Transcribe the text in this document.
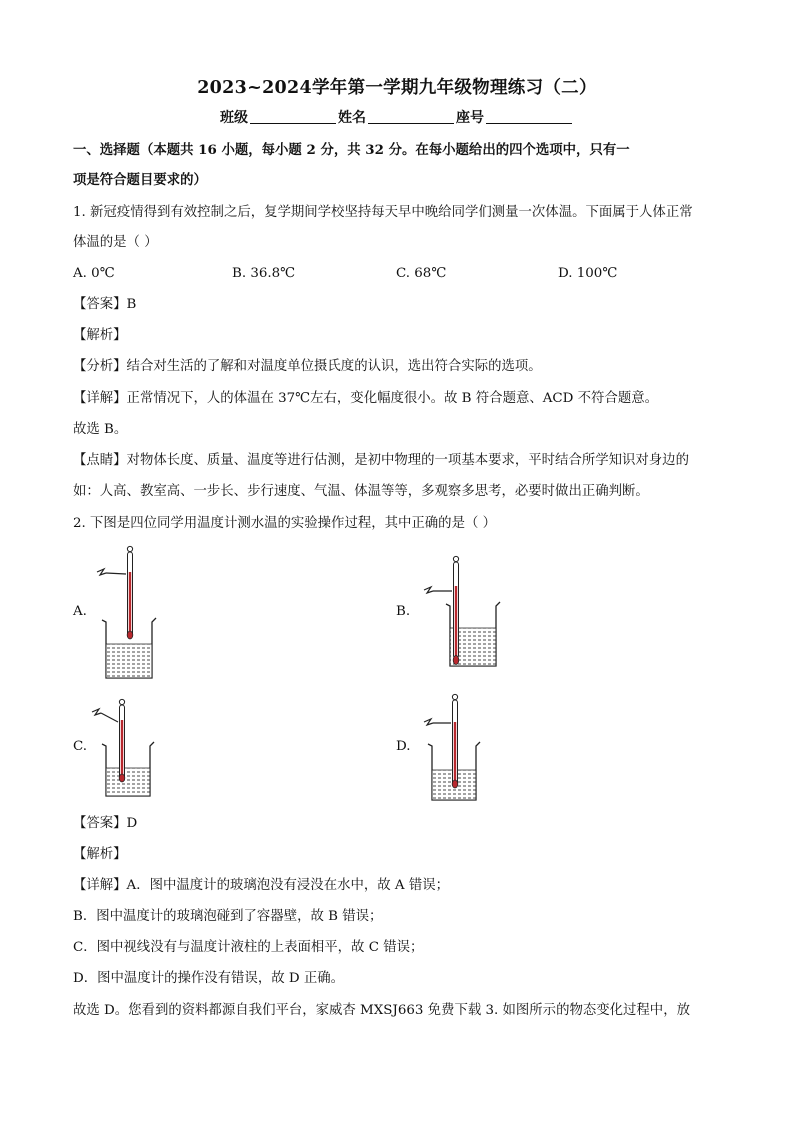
2023~2024学年第一学期九年级物理练习（二）
班级	姓名	座号
一、选择题（本题共 16 小题，每小题 2 分，共 32 分。在每小题给出的四个选项中，只有一
项是符合题目要求的）
1. 新冠疫情得到有效控制之后，复学期间学校坚持每天早中晚给同学们测量一次体温。下面属于人体正常
体温的是（ ）
A. 0℃	B. 36.8℃	C. 68℃	D. 100℃
【答案】B
【解析】
【分析】结合对生活的了解和对温度单位摄氏度的认识，选出符合实际的选项。
【详解】正常情况下，人的体温在 37℃左右，变化幅度很小。故 B 符合题意、ACD 不符合题意。
故选 B。
【点睛】对物体长度、质量、温度等进行估测，是初中物理的一项基本要求，平时结合所学知识对身边的
如：人高、教室高、一步长、步行速度、气温、体温等等，多观察多思考，必要时做出正确判断。
2. 下图是四位同学用温度计测水温的实验操作过程，其中正确的是（ ）
A.	B.
C.	D.
【答案】D
【解析】
【详解】A．图中温度计的玻璃泡没有浸没在水中，故 A 错误；
B．图中温度计的玻璃泡碰到了容器壁，故 B 错误；
C．图中视线没有与温度计液柱的上表面相平，故 C 错误；
D．图中温度计的操作没有错误，故 D 正确。
故选 D。您看到的资料都源自我们平台，家威杏 MXSJ663 免费下载 3. 如图所示的物态变化过程中，放
